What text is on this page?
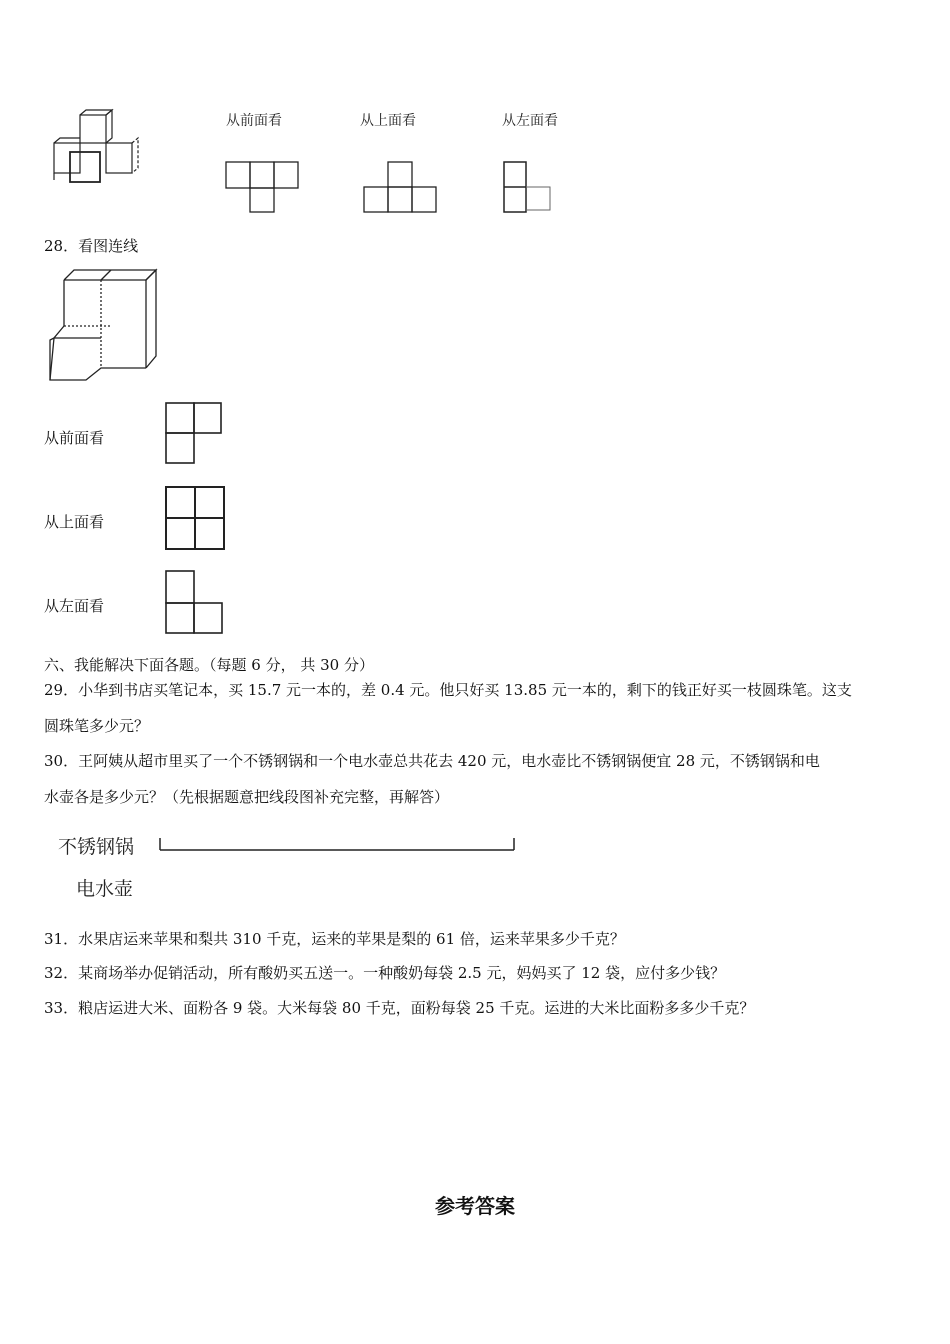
从前面看	从上面看	从左面看
28．看图连线
从前面看
从上面看
从左面看
六、我能解决下面各题。（每题 6 分， 共 30 分）
29．小华到书店买笔记本，买 15.7 元一本的，差 0.4 元。他只好买 13.85 元一本的，剩下的钱正好买一枝圆珠笔。这支
圆珠笔多少元？
30．王阿姨从超市里买了一个不锈钢锅和一个电水壶总共花去 420 元，电水壶比不锈钢锅便宜 28 元，不锈钢锅和电
水壶各是多少元？（先根据题意把线段图补充完整，再解答）
不锈钢锅
电水壶
31．水果店运来苹果和梨共 310 千克，运来的苹果是梨的 61 倍，运来苹果多少千克？
32．某商场举办促销活动，所有酸奶买五送一。一种酸奶每袋 2.5 元，妈妈买了 12 袋，应付多少钱？
33．粮店运进大米、面粉各 9 袋。大米每袋 80 千克，面粉每袋 25 千克。运进的大米比面粉多多少千克？
参考答案
